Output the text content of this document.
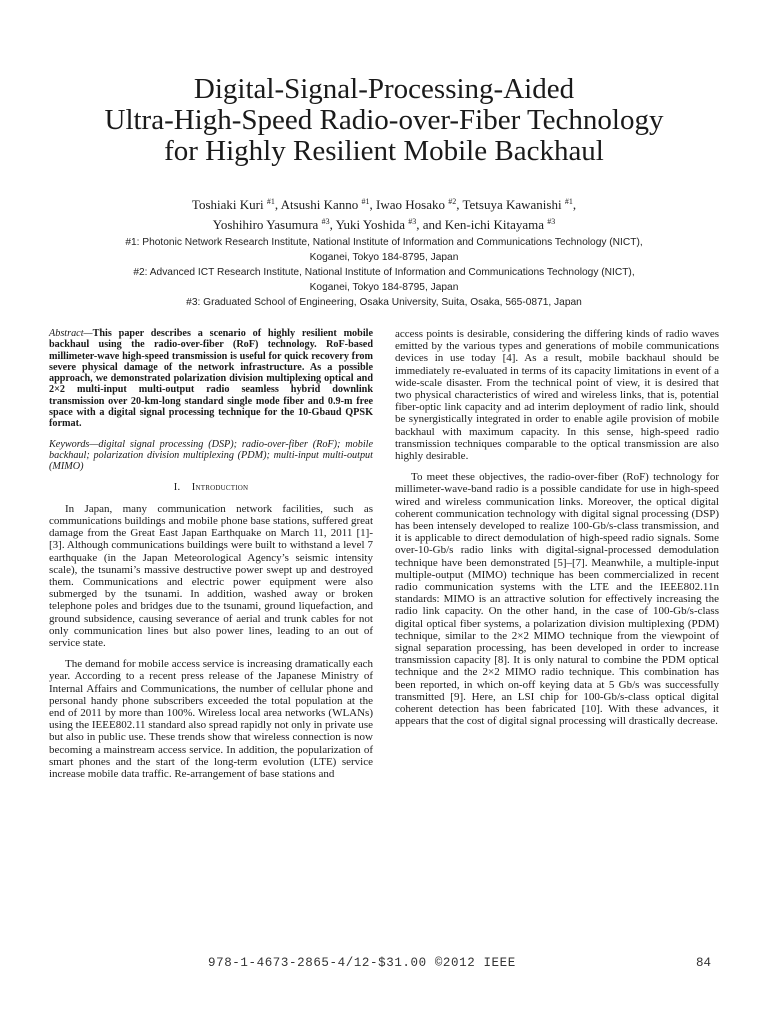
Digital-Signal-Processing-Aided
Ultra-High-Speed Radio-over-Fiber Technology
for Highly Resilient Mobile Backhaul
Toshiaki Kuri $^{\#1}$, Atsushi Kanno $^{\#1}$, Iwao Hosako $^{\#2}$, Tetsuya Kawanishi $^{\#1}$,
Yoshihiro Yasumura $^{\#3}$, Yuki Yoshida $^{\#3}$, and Ken-ichi Kitayama $^{\#3}$
#1: Photonic Network Research Institute, National Institute of Information and Communications Technology (NICT),
Koganei, Tokyo 184-8795, Japan
#2: Advanced ICT Research Institute, National Institute of Information and Communications Technology (NICT),
Koganei, Tokyo 184-8795, Japan
#3: Graduated School of Engineering, Osaka University, Suita, Osaka, 565-0871, Japan

Abstract—This paper describes a scenario of highly resilient mobile backhaul using the radio-over-fiber (RoF) technology. RoF-based millimeter-wave high-speed transmission is useful for quick recovery from severe physical damage of the network infrastructure. As a possible approach, we demonstrated polarization division multiplexing optical and 2×2 multi-input multi-output radio seamless hybrid downlink transmission over 20-km-long standard single mode fiber and 0.9-m free space with a digital signal processing technique for the 10-Gbaud QPSK format.

Keywords—digital signal processing (DSP); radio-over-fiber (RoF); mobile backhaul; polarization division multiplexing (PDM); multi-input multi-output (MIMO)

I. Introduction

In Japan, many communication network facilities, such as communications buildings and mobile phone base stations, suffered great damage from the Great East Japan Earthquake on March 11, 2011 [1]-[3]. Although communications buildings were built to withstand a level 7 earthquake (in the Japan Meteorological Agency’s seismic intensity scale), the tsunami’s massive destructive power swept up and destroyed them. Communications and electric power equipment were also submerged by the tsunami. In addition, washed away or broken telephone poles and bridges due to the tsunami, ground liquefaction, and ground subsidence, causing severance of aerial and trunk cables for not only communication lines but also power lines, leading to an out of service state.

The demand for mobile access service is increasing dramatically each year. According to a recent press release of the Japanese Ministry of Internal Affairs and Communications, the number of cellular phone and personal handy phone subscribers exceeded the total population at the end of 2011 by more than 100%. Wireless local area networks (WLANs) using the IEEE802.11 standard also spread rapidly not only in private use but also in public use. These trends show that wireless connection is now becoming a mainstream access service. In addition, the popularization of smart phones and the start of the long-term evolution (LTE) service increase mobile data traffic. Re-arrangement of base stations and

access points is desirable, considering the differing kinds of radio waves emitted by the various types and generations of mobile communications devices in use today [4]. As a result, mobile backhaul should be immediately re-evaluated in terms of its capacity limitations in event of a wide-scale disaster. From the technical point of view, it is desired that two physical characteristics of wired and wireless links, that is, potential fiber-optic link capacity and ad interim deployment of radio link, should be synergistically integrated in order to enable agile provision of mobile backhaul with maximum capacity. In this sense, high-speed radio transmission techniques comparable to the optical transmission are also highly desirable.

To meet these objectives, the radio-over-fiber (RoF) technology for millimeter-wave-band radio is a possible candidate for use in high-speed wired and wireless communication links. Moreover, the optical digital coherent communication technology with digital signal processing (DSP) has been intensely developed to realize 100-Gb/s-class transmission, and it is applicable to direct demodulation of high-speed radio signals. Some over-10-Gb/s radio links with digital-signal-processed demodulation technique have been demonstrated [5]–[7]. Meanwhile, a multiple-input multiple-output (MIMO) technique has been commercialized in recent radio communication systems with the LTE and the IEEE802.11n standards: MIMO is an attractive solution for effectively increasing the radio link capacity. On the other hand, in the case of 100-Gb/s-class digital optical fiber systems, a polarization division multiplexing (PDM) technique, similar to the 2×2 MIMO technique from the viewpoint of signal separation processing, has been developed in order to increase transmission capacity [8]. It is only natural to combine the PDM optical technique and the 2×2 MIMO radio technique. This combination has been reported, in which on-off keying data at 5 Gb/s was successfully transmitted [9]. Here, an LSI chip for 100-Gb/s-class optical digital coherent detection has been fabricated [10]. With these advances, it appears that the cost of digital signal processing will drastically decrease.

978-1-4673-2865-4/12-$31.00 ©2012 IEEE	84
